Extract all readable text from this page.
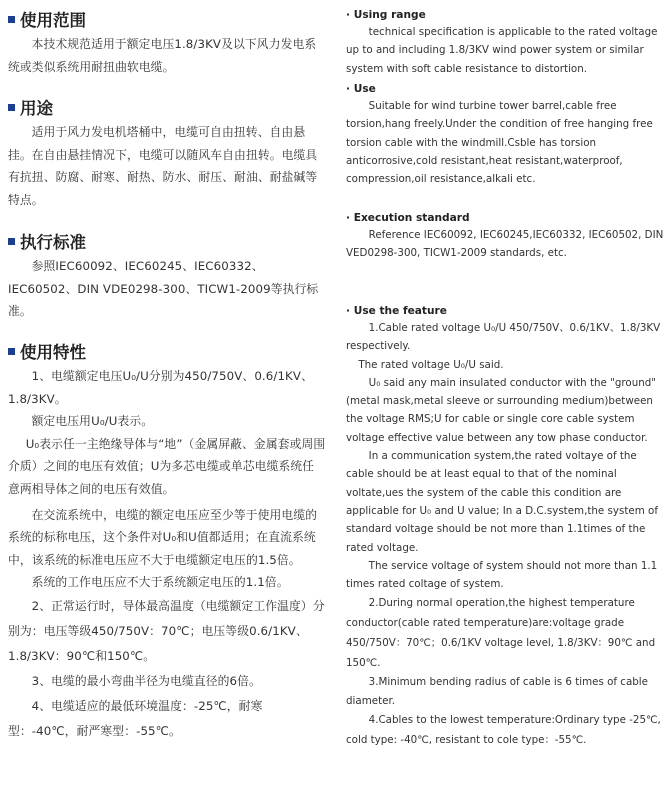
使用范围

本技术规范适用于额定电压1.8/3KV及以下风力发电系统或类似系统用耐扭曲软电缆。

用途

适用于风力发电机塔桶中，电缆可自由扭转、自由悬挂。在自由悬挂情况下，电缆可以随风车自由扭转。电缆具有抗扭、防腐、耐寒、耐热、防水、耐压、耐油、耐盐碱等特点。

执行标准

参照IEC60092、IEC60245、IEC60332、IEC60502、DIN VDE0298-300、TICW1-2009等执行标准。

使用特性

1、电缆额定电压U₀/U分别为450/750V、0.6/1KV、1.8/3KV。

额定电压用U₀/U表示。

U₀表示任一主绝缘导体与“地”（金属屏蔽、金属套或周围介质）之间的电压有效值；U为多芯电缆或单芯电缆系统任意两相导体之间的电压有效值。

在交流系统中，电缆的额定电压应至少等于使用电缆的系统的标称电压，这个条件对U₀和U值都适用；在直流系统中，该系统的标准电压应不大于电缆额定电压的1.5倍。

系统的工作电压应不大于系统额定电压的1.1倍。

2、正常运行时，导体最高温度（电缆额定工作温度）分别为：电压等级450/750V：70℃；电压等级0.6/1KV、1.8/3KV：90℃和150℃。

3、电缆的最小弯曲半径为电缆直径的6倍。

4、电缆适应的最低环境温度：-25℃，耐寒型：-40℃，耐严寒型：-55℃。

· Using range

technical specification is applicable to the rated voltage up to and including 1.8/3KV wind power system or similar system with soft cable resistance to distortion.

· Use

Suitable for wind turbine tower barrel,cable free torsion,hang freely.Under the condition of free hanging free torsion cable with the windmill.Csble has torsion anticorrosive,cold resistant,heat resistant,waterproof, compression,oil resistance,alkali etc.

· Execution standard

Reference IEC60092, IEC60245,IEC60332, IEC60502, DIN VED0298-300, TICW1-2009 standards, etc.

· Use the feature

1.Cable rated voltage U₀/U 450/750V、0.6/1KV、1.8/3KV respectively.

The rated voltage U₀/U said.

U₀ said any main insulated conductor with the "ground"(metal mask,metal sleeve or surrounding medium)between the voltage RMS;U for cable or single core cable system voltage effective value between any tow phase conductor.

In a communication system,the rated voltaye of the cable should be at least equal to that of the nominal voltate,ues the system of the cable this condition are applicable for U₀ and U value; In a D.C.system,the system of standard voltage should be not more than 1.1times of the rated voltage.

The service voltage of system should not more than 1.1 times rated coltage of system.

2.During normal operation,the highest temperature conductor(cable rated temperature)are:voltage grade 450/750V：70℃；0.6/1KV voltage level, 1.8/3KV：90℃ and 150℃.

3.Minimum bending radius of cable is 6 times of cable diameter.

4.Cables to the lowest temperature:Ordinary type -25℃, cold type: -40℃, resistant to cole type：-55℃.
